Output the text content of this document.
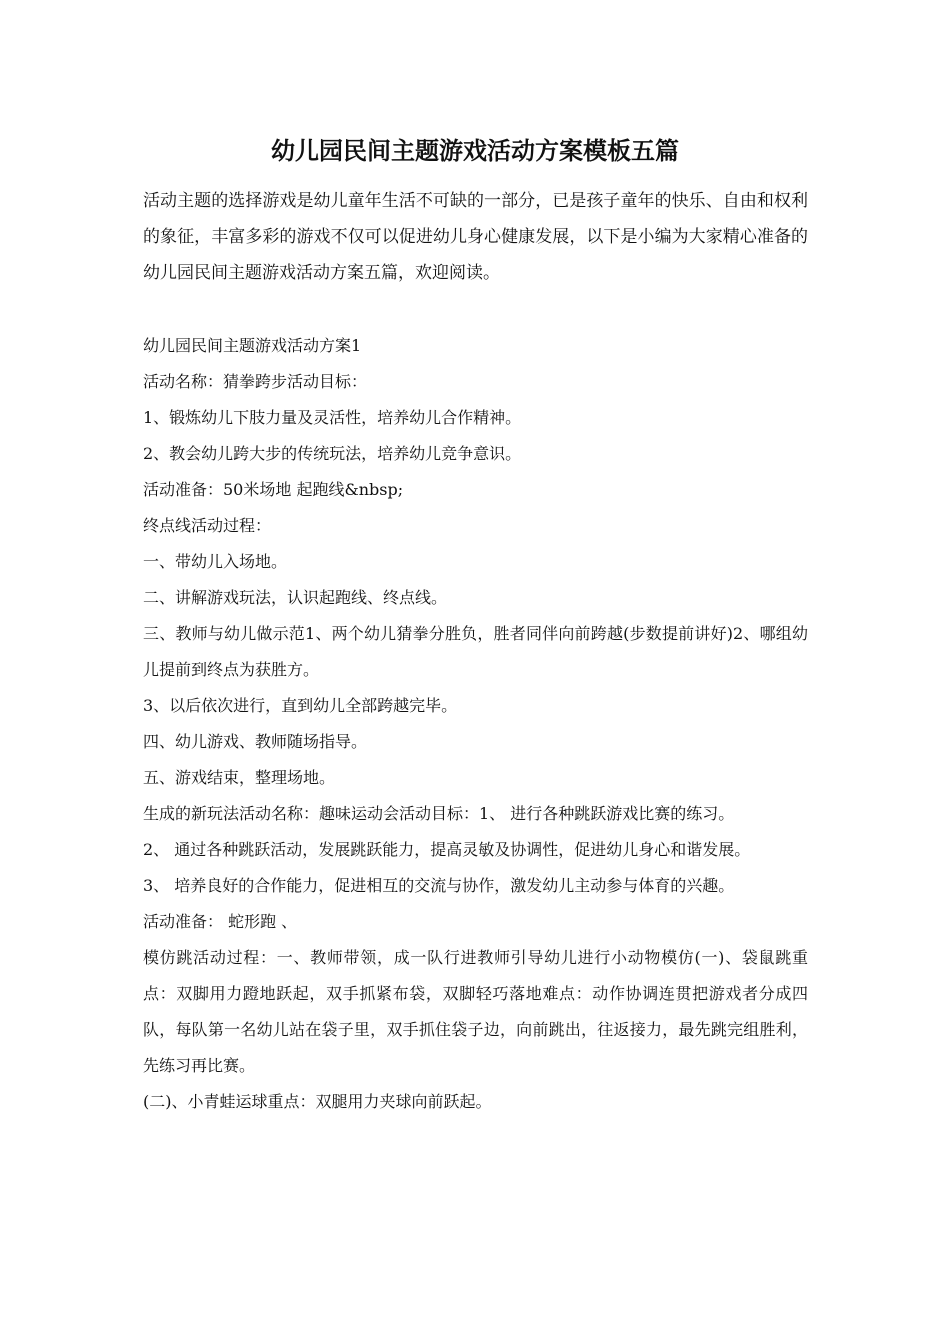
幼儿园民间主题游戏活动方案模板五篇

活动主题的选择游戏是幼儿童年生活不可缺的一部分，已是孩子童年的快乐、自由和权利的象征，丰富多彩的游戏不仅可以促进幼儿身心健康发展，以下是小编为大家精心准备的幼儿园民间主题游戏活动方案五篇，欢迎阅读。

幼儿园民间主题游戏活动方案1

活动名称：猜拳跨步活动目标：

1、锻炼幼儿下肢力量及灵活性，培养幼儿合作精神。

2、教会幼儿跨大步的传统玩法，培养幼儿竞争意识。

活动准备：50米场地 起跑线&nbsp;

终点线活动过程：

一、带幼儿入场地。

二、讲解游戏玩法，认识起跑线、终点线。

三、教师与幼儿做示范1、两个幼儿猜拳分胜负，胜者同伴向前跨越(步数提前讲好)2、哪组幼儿提前到终点为获胜方。

3、以后依次进行，直到幼儿全部跨越完毕。

四、幼儿游戏、教师随场指导。

五、游戏结束，整理场地。

生成的新玩法活动名称：趣味运动会活动目标：1、 进行各种跳跃游戏比赛的练习。

2、 通过各种跳跃活动，发展跳跃能力，提高灵敏及协调性，促进幼儿身心和谐发展。

3、 培养良好的合作能力，促进相互的交流与协作，激发幼儿主动参与体育的兴趣。

活动准备： 蛇形跑 、

模仿跳活动过程：一、教师带领，成一队行进教师引导幼儿进行小动物模仿(一)、袋鼠跳重点：双脚用力蹬地跃起，双手抓紧布袋，双脚轻巧落地难点：动作协调连贯把游戏者分成四队，每队第一名幼儿站在袋子里，双手抓住袋子边，向前跳出，往返接力，最先跳完组胜利，先练习再比赛。

(二)、小青蛙运球重点：双腿用力夹球向前跃起。
